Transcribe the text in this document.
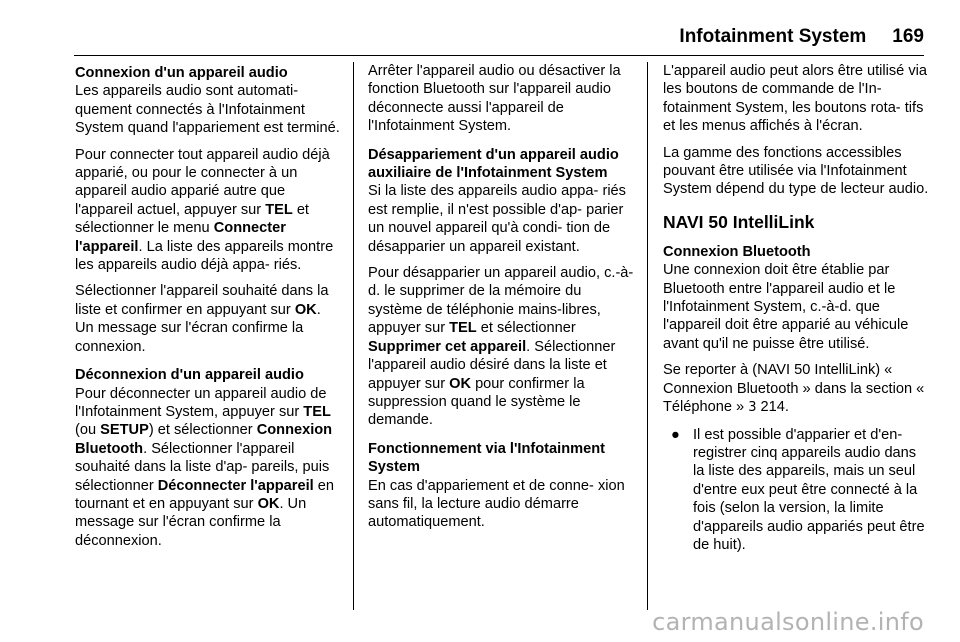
Infotainment System 169
Connexion d'un appareil audio

Les appareils audio sont automati- quement connectés à l'Infotainment System quand l'appariement est terminé.

Pour connecter tout appareil audio déjà apparié, ou pour le connecter à un appareil audio apparié autre que l'appareil actuel, appuyer sur TEL et sélectionner le menu Connecter l'appareil. La liste des appareils montre les appareils audio déjà appa- riés.

Sélectionner l'appareil souhaité dans la liste et confirmer en appuyant sur OK. Un message sur l'écran confirme la connexion.

Déconnexion d'un appareil audio

Pour déconnecter un appareil audio de l'Infotainment System, appuyer sur TEL (ou SETUP) et sélectionner Connexion Bluetooth. Sélectionner l'appareil souhaité dans la liste d'ap- pareils, puis sélectionner Déconnecter l'appareil en tournant et en appuyant sur OK. Un message sur l'écran confirme la déconnexion.

Arrêter l'appareil audio ou désactiver la fonction Bluetooth sur l'appareil audio déconnecte aussi l'appareil de l'Infotainment System.

Désappariement d'un appareil audio auxiliaire de l'Infotainment System

Si la liste des appareils audio appa- riés est remplie, il n'est possible d'ap- parier un nouvel appareil qu'à condi- tion de désapparier un appareil existant.

Pour désapparier un appareil audio, c.-à-d. le supprimer de la mémoire du système de téléphonie mains-libres, appuyer sur TEL et sélectionner Supprimer cet appareil. Sélectionner l'appareil audio désiré dans la liste et appuyer sur OK pour confirmer la suppression quand le système le demande.

Fonctionnement via l'Infotainment System

En cas d'appariement et de conne- xion sans fil, la lecture audio démarre automatiquement.

L'appareil audio peut alors être utilisé via les boutons de commande de l'In- fotainment System, les boutons rota- tifs et les menus affichés à l'écran.

La gamme des fonctions accessibles pouvant être utilisée via l'Infotainment System dépend du type de lecteur audio.

NAVI 50 IntelliLink
Connexion Bluetooth

Une connexion doit être établie par Bluetooth entre l'appareil audio et le l'Infotainment System, c.-à-d. que l'appareil doit être apparié au véhicule avant qu'il ne puisse être utilisé.

Se reporter à (NAVI 50 IntelliLink) « Connexion Bluetooth » dans la section « Téléphone » 3 214.

● Il est possible d'apparier et d'en- registrer cinq appareils audio dans la liste des appareils, mais un seul d'entre eux peut être connecté à la fois (selon la version, la limite d'appareils audio appariés peut être de huit).
carmanualsonline.info
